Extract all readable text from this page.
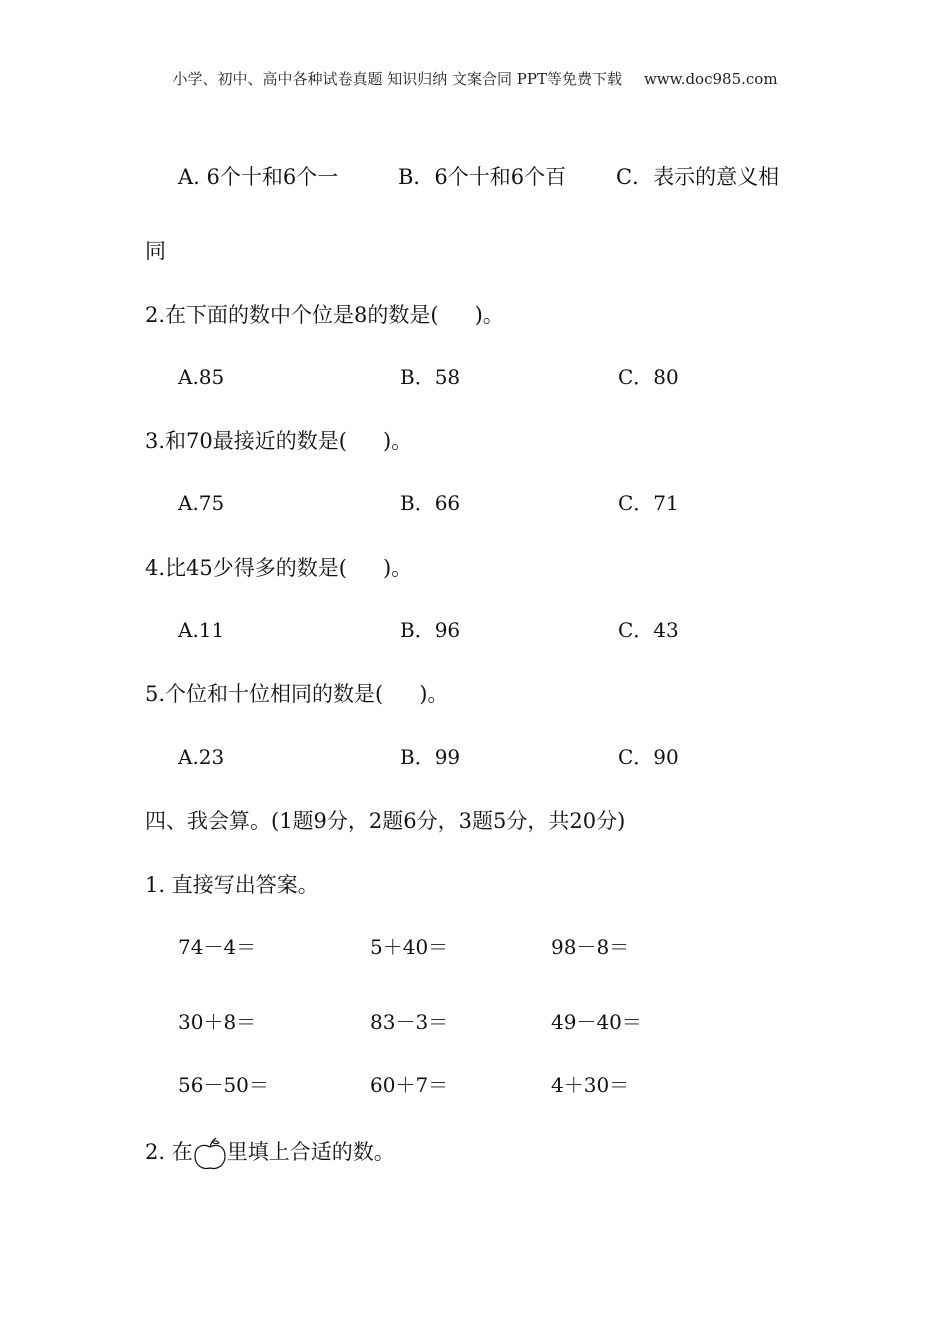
小学、初中、高中各种试卷真题 知识归纳 文案合同 PPT等免费下载 www.doc985.com
A. 6个十和6个一	B．6个十和6个百 C．表示的意义相
同
2.在下面的数中个位是8的数是( )。
A.85	B．58	C．80
3.和70最接近的数是( )。
A.75	B．66	C．71
4.比45少得多的数是( )。
A.11	B．96	C．43
5.个位和十位相同的数是( )。
A.23	B．99	C．90
四、我会算。(1题9分，2题6分，3题5分，共20分)
1. 直接写出答案。
74－4＝	5＋40＝	98－8＝
30＋8＝	83－3＝	49－40＝
56－50＝	60＋7＝	4＋30＝
2. 在 里填上合适的数。
